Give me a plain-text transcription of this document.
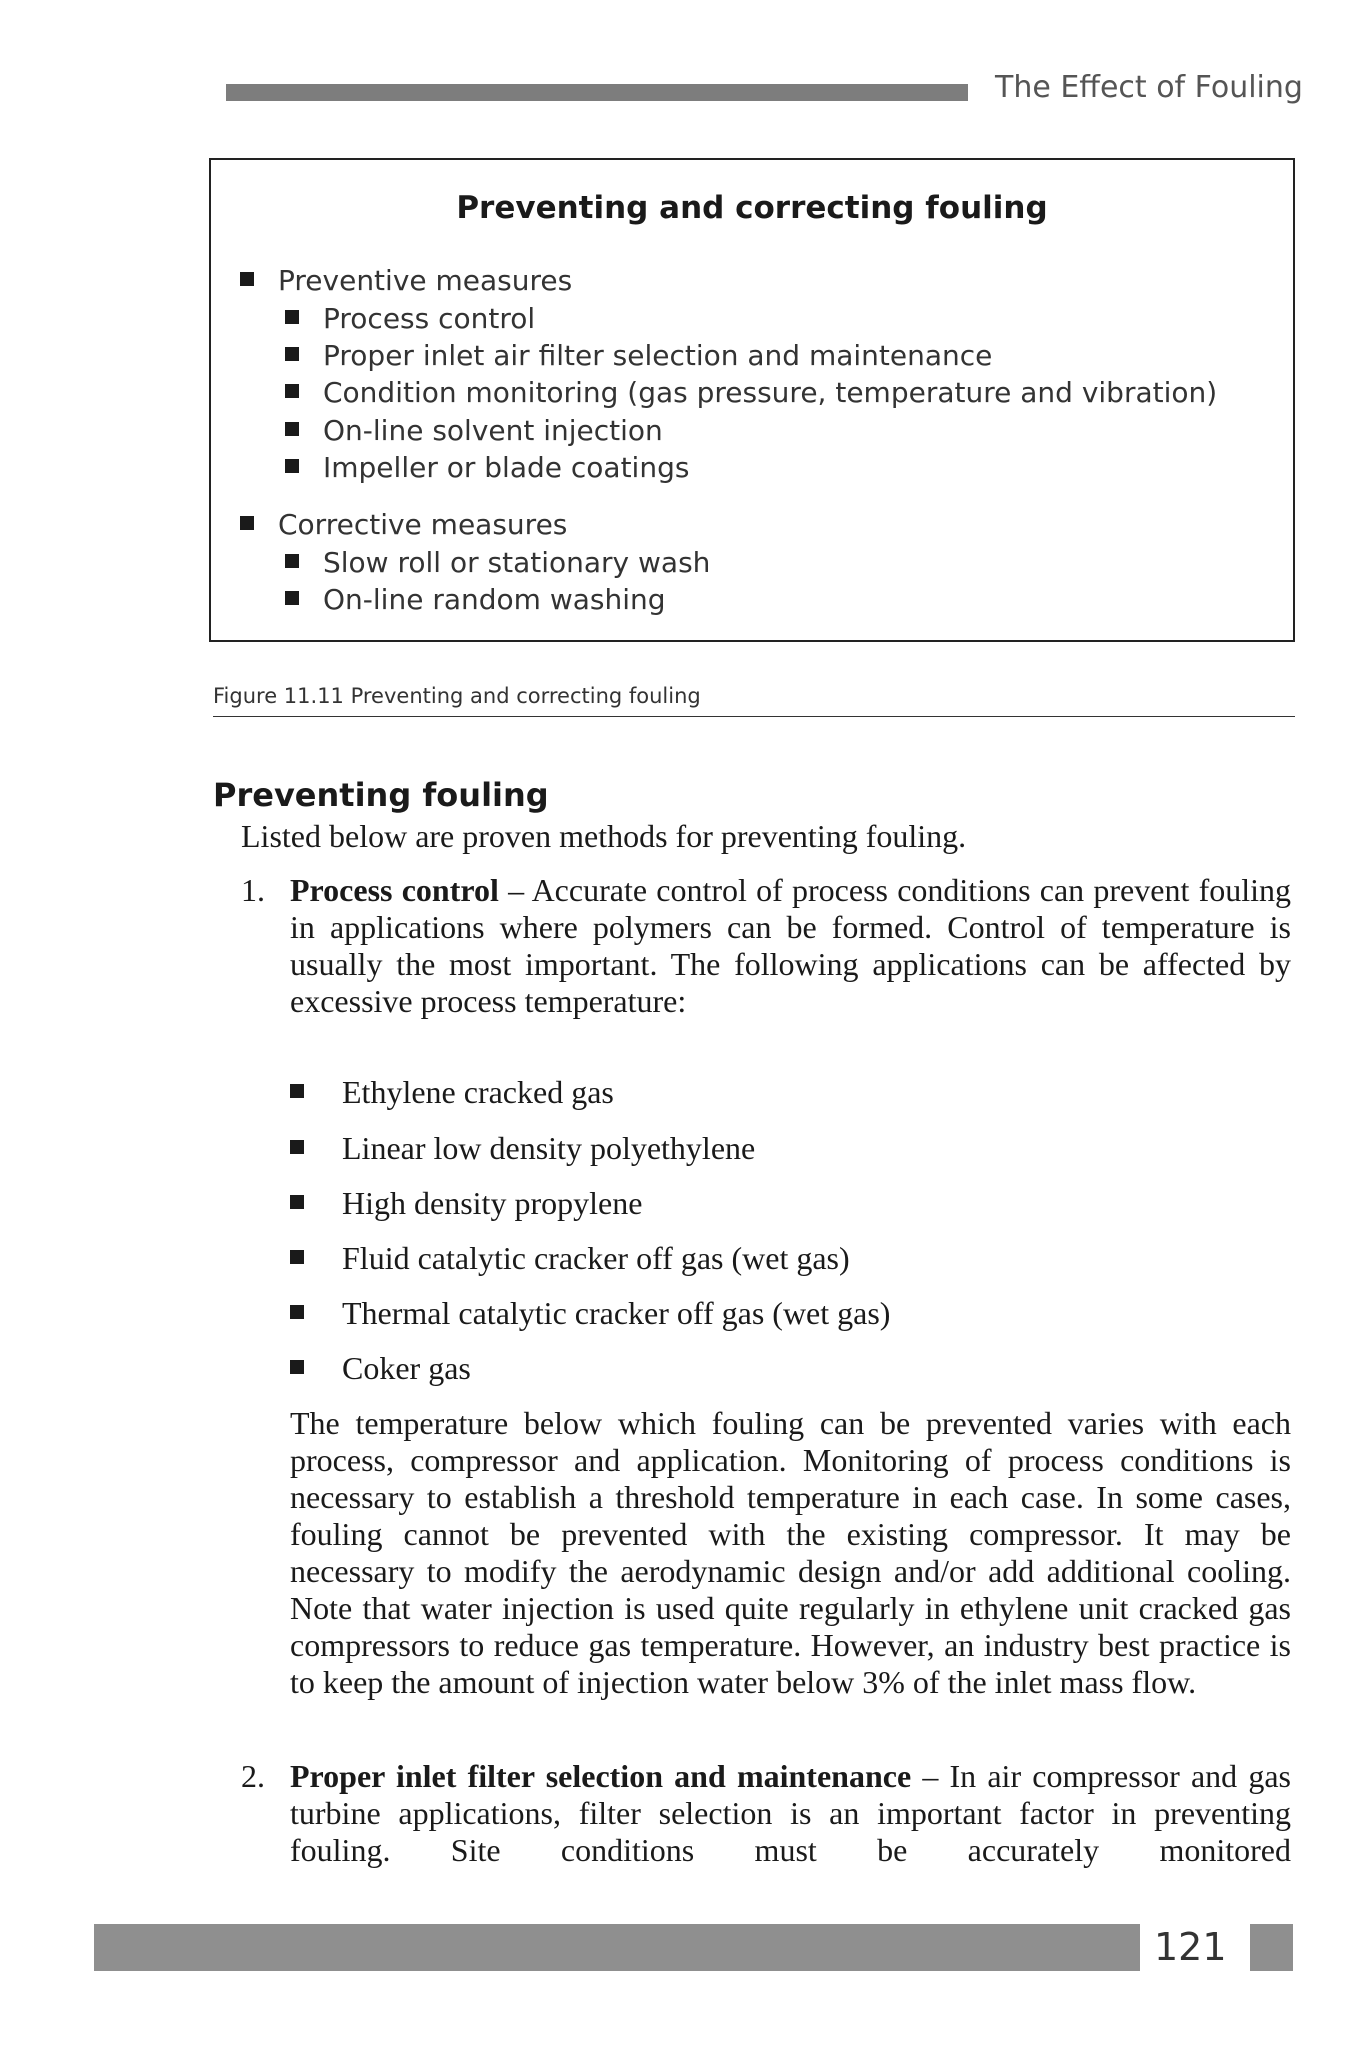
The Effect of Fouling
Preventing and correcting fouling
Preventive measures
Process control
Proper inlet air filter selection and maintenance
Condition monitoring (gas pressure, temperature and vibration)
On-line solvent injection
Impeller or blade coatings
Corrective measures
Slow roll or stationary wash
On-line random washing
Figure 11.11 Preventing and correcting fouling
Preventing fouling
Listed below are proven methods for preventing fouling.
1. Process control – Accurate control of process conditions can prevent fouling in applications where polymers can be formed. Control of temperature is usually the most important. The following applications can be affected by excessive process temperature:
Ethylene cracked gas
Linear low density polyethylene
High density propylene
Fluid catalytic cracker off gas (wet gas)
Thermal catalytic cracker off gas (wet gas)
Coker gas
The temperature below which fouling can be prevented varies with each process, compressor and application. Monitoring of process conditions is necessary to establish a threshold temperature in each case. In some cases, fouling cannot be prevented with the existing compressor. It may be necessary to modify the aerodynamic design and/or add additional cooling. Note that water injection is used quite regularly in ethylene unit cracked gas compressors to reduce gas temperature. However, an industry best practice is to keep the amount of injection water below 3% of the inlet mass flow.
2. Proper inlet filter selection and maintenance – In air compressor and gas turbine applications, filter selection is an important factor in preventing fouling. Site conditions must be accurately monitored
121
